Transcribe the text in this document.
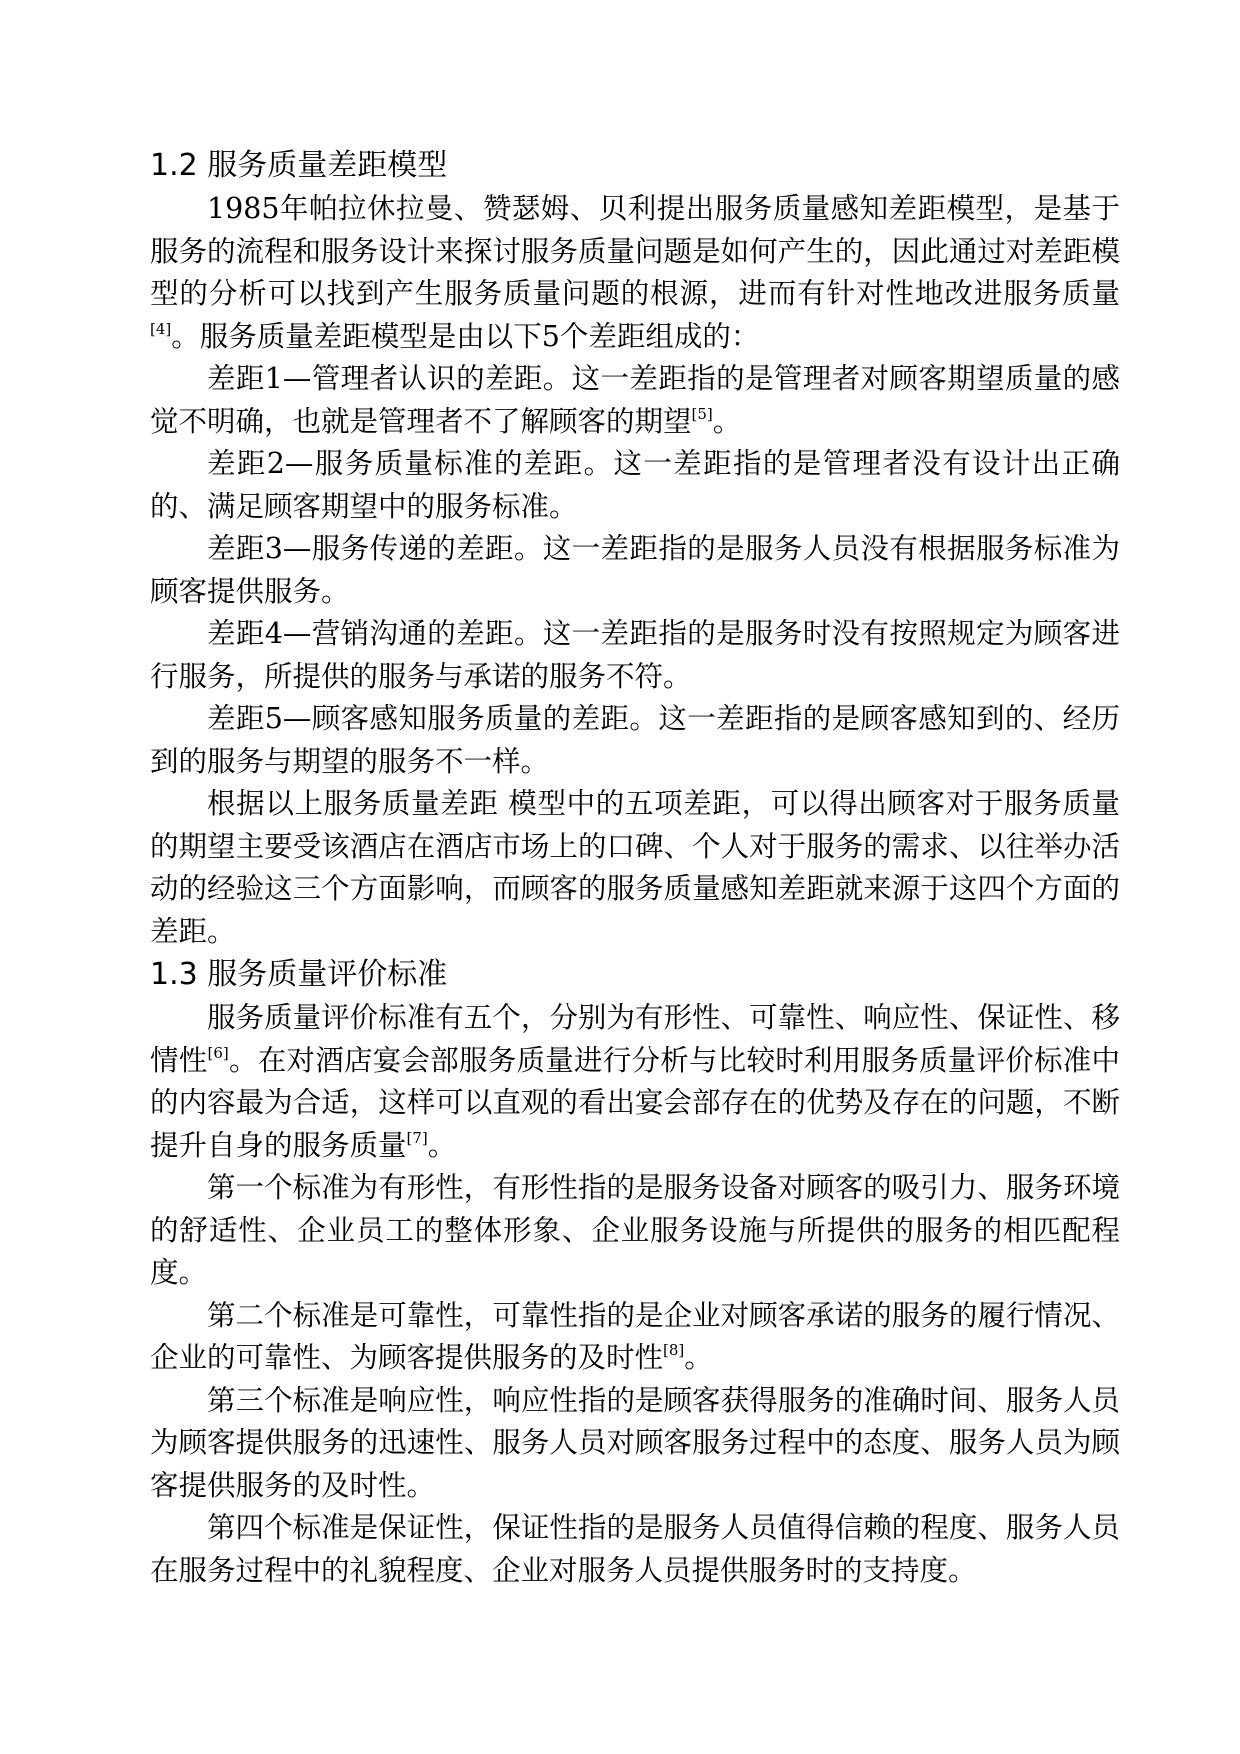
1.2 服务质量差距模型

1985年帕拉休拉曼、赞瑟姆、贝利提出服务质量感知差距模型，是基于服务的流程和服务设计来探讨服务质量问题是如何产生的，因此通过对差距模型的分析可以找到产生服务质量问题的根源，进而有针对性地改进服务质量[4]。服务质量差距模型是由以下5个差距组成的：

差距1—管理者认识的差距。这一差距指的是管理者对顾客期望质量的感觉不明确，也就是管理者不了解顾客的期望[5]。

差距2—服务质量标准的差距。这一差距指的是管理者没有设计出正确的、满足顾客期望中的服务标准。

差距3—服务传递的差距。这一差距指的是服务人员没有根据服务标准为顾客提供服务。

差距4—营销沟通的差距。这一差距指的是服务时没有按照规定为顾客进行服务，所提供的服务与承诺的服务不符。

差距5—顾客感知服务质量的差距。这一差距指的是顾客感知到的、经历到的服务与期望的服务不一样。

根据以上服务质量差距 模型中的五项差距，可以得出顾客对于服务质量的期望主要受该酒店在酒店市场上的口碑、个人对于服务的需求、以往举办活动的经验这三个方面影响，而顾客的服务质量感知差距就来源于这四个方面的差距。

1.3 服务质量评价标准

服务质量评价标准有五个，分别为有形性、可靠性、响应性、保证性、移情性[6]。在对酒店宴会部服务质量进行分析与比较时利用服务质量评价标准中的内容最为合适，这样可以直观的看出宴会部存在的优势及存在的问题，不断提升自身的服务质量[7]。

第一个标准为有形性，有形性指的是服务设备对顾客的吸引力、服务环境的舒适性、企业员工的整体形象、企业服务设施与所提供的服务的相匹配程度。

第二个标准是可靠性，可靠性指的是企业对顾客承诺的服务的履行情况、企业的可靠性、为顾客提供服务的及时性[8]。

第三个标准是响应性，响应性指的是顾客获得服务的准确时间、服务人员为顾客提供服务的迅速性、服务人员对顾客服务过程中的态度、服务人员为顾客提供服务的及时性。

第四个标准是保证性，保证性指的是服务人员值得信赖的程度、服务人员在服务过程中的礼貌程度、企业对服务人员提供服务时的支持度。
